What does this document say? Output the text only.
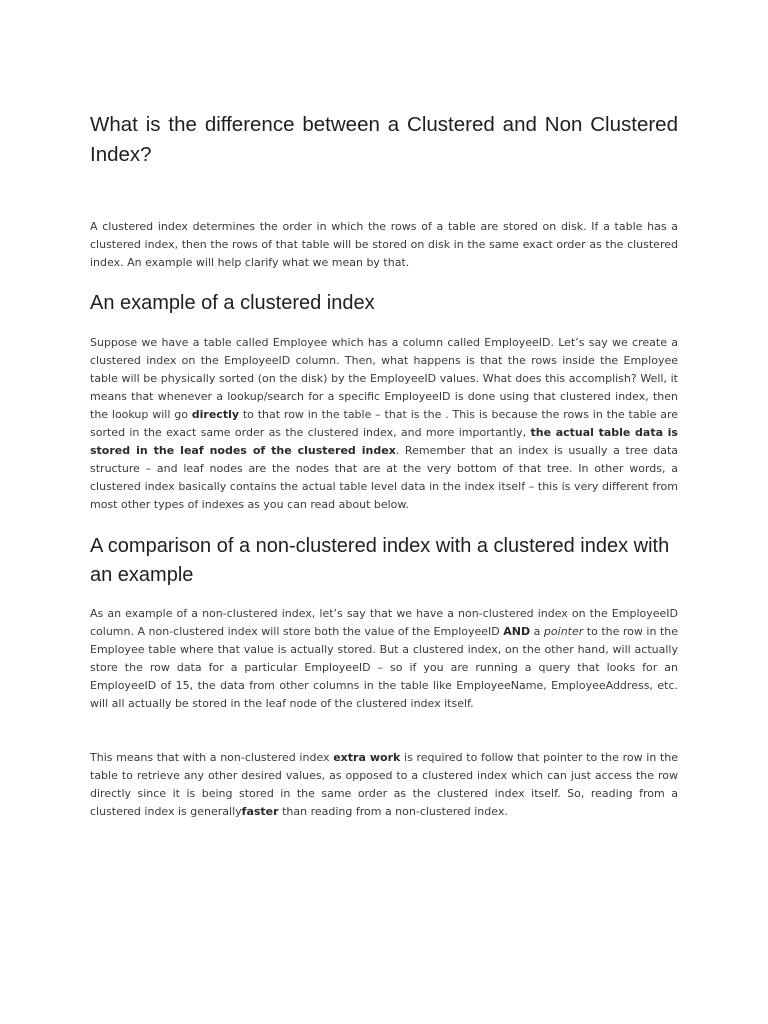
What is the difference between a Clustered and Non Clustered Index?

A clustered index determines the order in which the rows of a table are stored on disk. If a table has a clustered index, then the rows of that table will be stored on disk in the same exact order as the clustered index. An example will help clarify what we mean by that.

An example of a clustered index

Suppose we have a table called Employee which has a column called EmployeeID. Let’s say we create a clustered index on the EmployeeID column. Then, what happens is that the rows inside the Employee table will be physically sorted (on the disk) by the EmployeeID values. What does this accomplish? Well, it means that whenever a lookup/search for a specific EmployeeID is done using that clustered index, then the lookup will go directly to that row in the table – that is the . This is because the rows in the table are sorted in the exact same order as the clustered index, and more importantly, the actual table data is stored in the leaf nodes of the clustered index. Remember that an index is usually a tree data structure – and leaf nodes are the nodes that are at the very bottom of that tree. In other words, a clustered index basically contains the actual table level data in the index itself – this is very different from most other types of indexes as you can read about below.

A comparison of a non-clustered index with a clustered index with an example

As an example of a non-clustered index, let’s say that we have a non-clustered index on the EmployeeID column. A non-clustered index will store both the value of the EmployeeID AND a pointer to the row in the Employee table where that value is actually stored. But a clustered index, on the other hand, will actually store the row data for a particular EmployeeID – so if you are running a query that looks for an EmployeeID of 15, the data from other columns in the table like EmployeeName, EmployeeAddress, etc. will all actually be stored in the leaf node of the clustered index itself.

This means that with a non-clustered index extra work is required to follow that pointer to the row in the table to retrieve any other desired values, as opposed to a clustered index which can just access the row directly since it is being stored in the same order as the clustered index itself. So, reading from a clustered index is generallyfaster than reading from a non-clustered index.
